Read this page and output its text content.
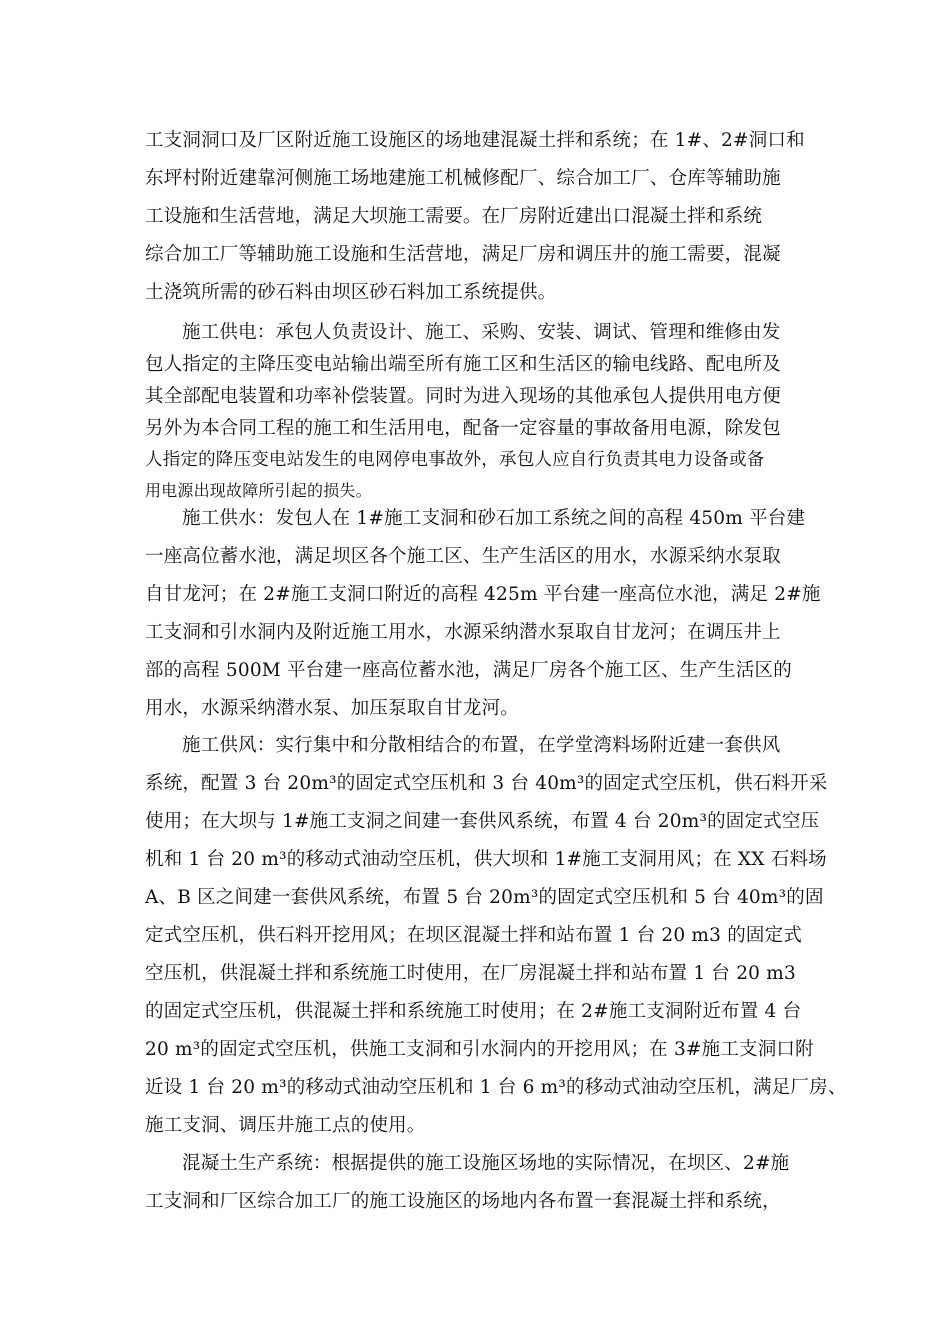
工支洞洞口及厂区附近施工设施区的场地建混凝土拌和系统；在 1#、2#洞口和
东坪村附近建靠河侧施工场地建施工机械修配厂、综合加工厂、仓库等辅助施
工设施和生活营地，满足大坝施工需要。在厂房附近建出口混凝土拌和系统
综合加工厂等辅助施工设施和生活营地，满足厂房和调压井的施工需要，混凝
土浇筑所需的砂石料由坝区砂石料加工系统提供。
施工供电：承包人负责设计、施工、采购、安装、调试、管理和维修由发
包人指定的主降压变电站输出端至所有施工区和生活区的输电线路、配电所及
其全部配电装置和功率补偿装置。同时为进入现场的其他承包人提供用电方便
另外为本合同工程的施工和生活用电，配备一定容量的事故备用电源，除发包
人指定的降压变电站发生的电网停电事故外，承包人应自行负责其电力设备或备
用电源出现故障所引起的损失。
施工供水：发包人在 1#施工支洞和砂石加工系统之间的高程 450m 平台建
一座高位蓄水池，满足坝区各个施工区、生产生活区的用水，水源采纳水泵取
自甘龙河；在 2#施工支洞口附近的高程 425m 平台建一座高位水池，满足 2#施
工支洞和引水洞内及附近施工用水，水源采纳潜水泵取自甘龙河；在调压井上
部的高程 500M 平台建一座高位蓄水池，满足厂房各个施工区、生产生活区的
用水，水源采纳潜水泵、加压泵取自甘龙河。
施工供风：实行集中和分散相结合的布置，在学堂湾料场附近建一套供风
系统，配置 3 台 20m³的固定式空压机和 3 台 40m³的固定式空压机，供石料开采
使用；在大坝与 1#施工支洞之间建一套供风系统，布置 4 台 20m³的固定式空压
机和 1 台 20 m³的移动式油动空压机，供大坝和 1#施工支洞用风；在 XX 石料场
A、B 区之间建一套供风系统，布置 5 台 20m³的固定式空压机和 5 台 40m³的固
定式空压机，供石料开挖用风；在坝区混凝土拌和站布置 1 台 20 m3 的固定式
空压机，供混凝土拌和系统施工时使用，在厂房混凝土拌和站布置 1 台 20 m3
的固定式空压机，供混凝土拌和系统施工时使用；在 2#施工支洞附近布置 4 台
20 m³的固定式空压机，供施工支洞和引水洞内的开挖用风；在 3#施工支洞口附
近设 1 台 20 m³的移动式油动空压机和 1 台 6 m³的移动式油动空压机，满足厂房、
施工支洞、调压井施工点的使用。
混凝土生产系统：根据提供的施工设施区场地的实际情况，在坝区、2#施
工支洞和厂区综合加工厂的施工设施区的场地内各布置一套混凝土拌和系统，
